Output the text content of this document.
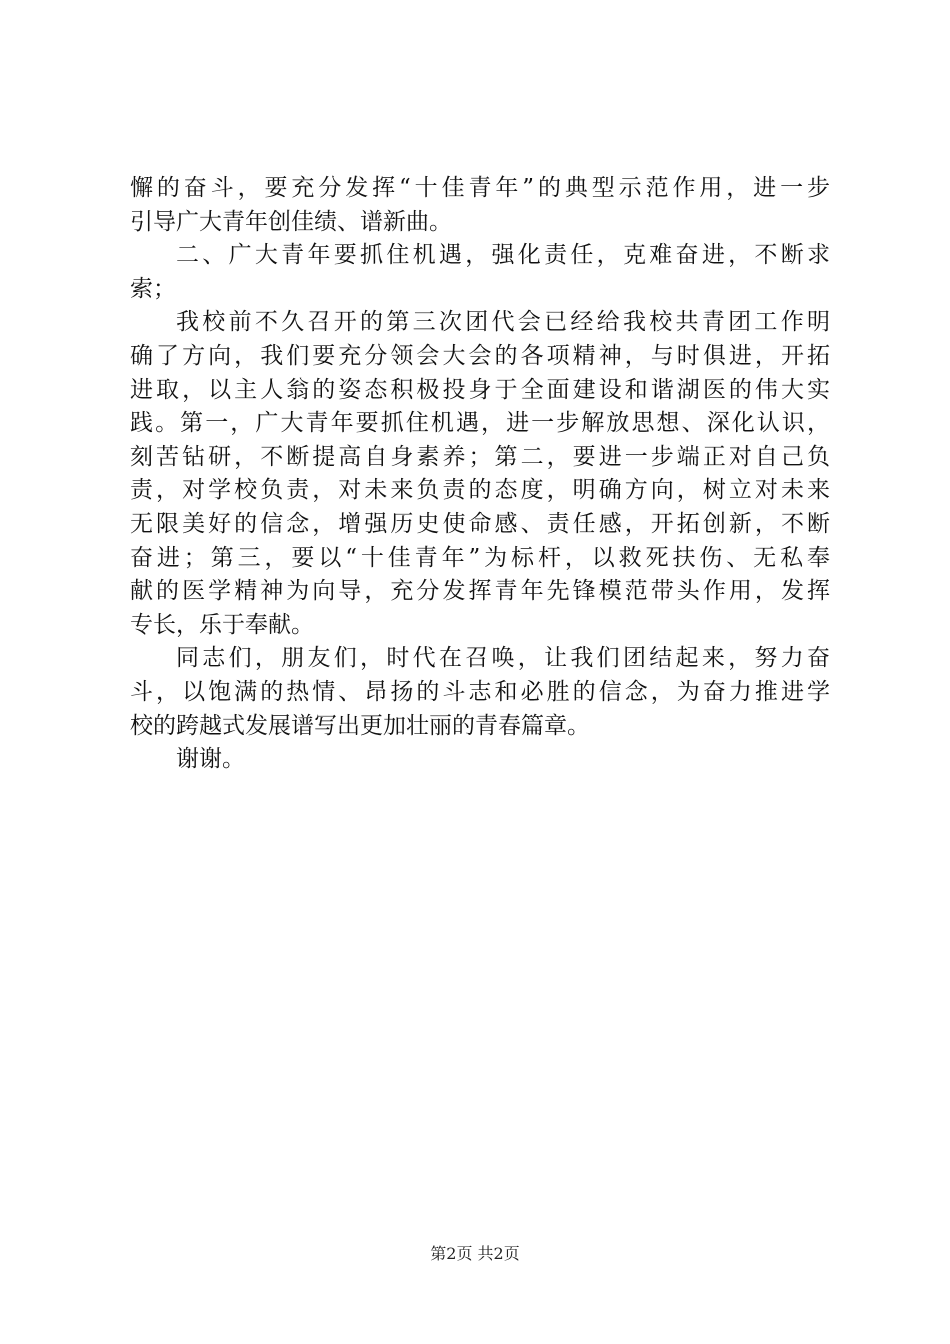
懈的奋斗，要充分发挥“十佳青年”的典型示范作用，进一步
引导广大青年创佳绩、谱新曲。
二、广大青年要抓住机遇，强化责任，克难奋进，不断求
索；
我校前不久召开的第三次团代会已经给我校共青团工作明
确了方向，我们要充分领会大会的各项精神，与时俱进，开拓
进取，以主人翁的姿态积极投身于全面建设和谐湖医的伟大实
践。第一，广大青年要抓住机遇，进一步解放思想、深化认识，
刻苦钻研，不断提高自身素养；第二，要进一步端正对自己负
责，对学校负责，对未来负责的态度，明确方向，树立对未来
无限美好的信念，增强历史使命感、责任感，开拓创新，不断
奋进；第三，要以“十佳青年”为标杆，以救死扶伤、无私奉
献的医学精神为向导，充分发挥青年先锋模范带头作用，发挥
专长，乐于奉献。
同志们，朋友们，时代在召唤，让我们团结起来，努力奋
斗，以饱满的热情、昂扬的斗志和必胜的信念，为奋力推进学
校的跨越式发展谱写出更加壮丽的青春篇章。
谢谢。
第2页 共2页
